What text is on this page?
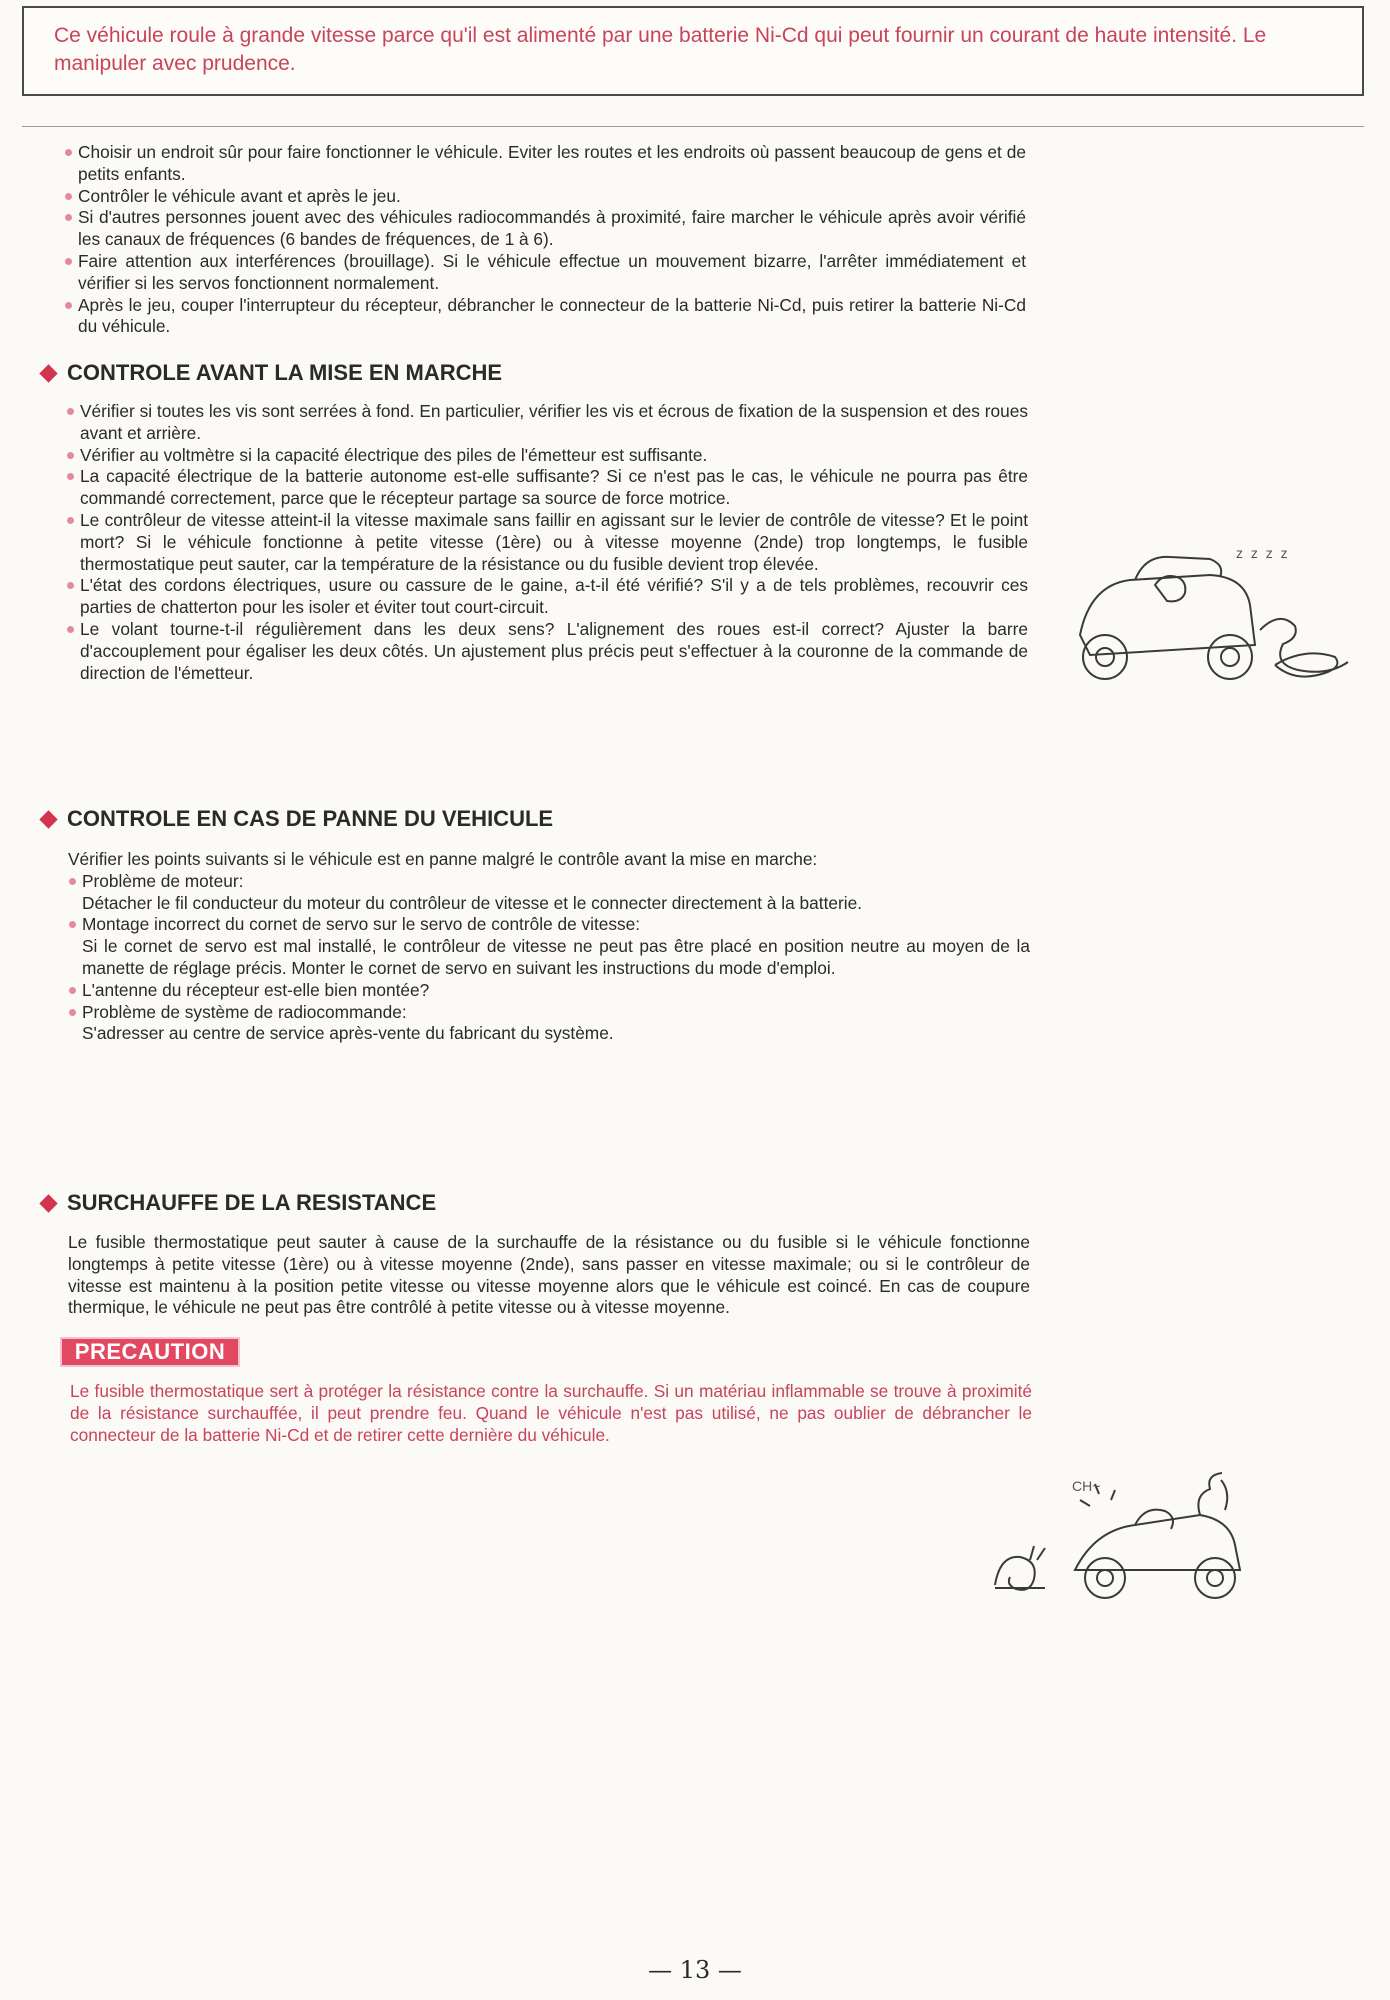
Ce véhicule roule à grande vitesse parce qu'il est alimenté par une batterie Ni-Cd qui peut fournir un courant de haute intensité. Le manipuler avec prudence.
Choisir un endroit sûr pour faire fonctionner le véhicule. Eviter les routes et les endroits où passent beaucoup de gens et de petits enfants.
Contrôler le véhicule avant et après le jeu.
Si d'autres personnes jouent avec des véhicules radiocommandés à proximité, faire marcher le véhicule après avoir vérifié les canaux de fréquences (6 bandes de fréquences, de 1 à 6).
Faire attention aux interférences (brouillage). Si le véhicule effectue un mouvement bizarre, l'arrêter immédiatement et vérifier si les servos fonctionnent normalement.
Après le jeu, couper l'interrupteur du récepteur, débrancher le connecteur de la batterie Ni-Cd, puis retirer la batterie Ni-Cd du véhicule.
CONTROLE AVANT LA MISE EN MARCHE
Vérifier si toutes les vis sont serrées à fond. En particulier, vérifier les vis et écrous de fixation de la suspension et des roues avant et arrière.
Vérifier au voltmètre si la capacité électrique des piles de l'émetteur est suffisante.
La capacité électrique de la batterie autonome est-elle suffisante? Si ce n'est pas le cas, le véhicule ne pourra pas être commandé correctement, parce que le récepteur partage sa source de force motrice.
Le contrôleur de vitesse atteint-il la vitesse maximale sans faillir en agissant sur le levier de contrôle de vitesse? Et le point mort? Si le véhicule fonctionne à petite vitesse (1ère) ou à vitesse moyenne (2nde) trop longtemps, le fusible thermostatique peut sauter, car la température de la résistance ou du fusible devient trop élevée.
L'état des cordons électriques, usure ou cassure de le gaine, a-t-il été vérifié? S'il y a de tels problèmes, recouvrir ces parties de chatterton pour les isoler et éviter tout court-circuit.
Le volant tourne-t-il régulièrement dans les deux sens? L'alignement des roues est-il correct? Ajuster la barre d'accouplement pour égaliser les deux côtés. Un ajustement plus précis peut s'effectuer à la couronne de la commande de direction de l'émetteur.
z z z z
CONTROLE EN CAS DE PANNE DU VEHICULE
Vérifier les points suivants si le véhicule est en panne malgré le contrôle avant la mise en marche:
Problème de moteur:
Détacher le fil conducteur du moteur du contrôleur de vitesse et le connecter directement à la batterie.
Montage incorrect du cornet de servo sur le servo de contrôle de vitesse:
Si le cornet de servo est mal installé, le contrôleur de vitesse ne peut pas être placé en position neutre au moyen de la manette de réglage précis. Monter le cornet de servo en suivant les instructions du mode d'emploi.
L'antenne du récepteur est-elle bien montée?
Problème de système de radiocommande:
S'adresser au centre de service après-vente du fabricant du système.
SURCHAUFFE DE LA RESISTANCE
Le fusible thermostatique peut sauter à cause de la surchauffe de la résistance ou du fusible si le véhicule fonctionne longtemps à petite vitesse (1ère) ou à vitesse moyenne (2nde), sans passer en vitesse maximale; ou si le contrôleur de vitesse est maintenu à la position petite vitesse ou vitesse moyenne alors que le véhicule est coincé. En cas de coupure thermique, le véhicule ne peut pas être contrôlé à petite vitesse ou à vitesse moyenne.
PRECAUTION
Le fusible thermostatique sert à protéger la résistance contre la surchauffe. Si un matériau inflammable se trouve à proximité de la résistance surchauffée, il peut prendre feu. Quand le véhicule n'est pas utilisé, ne pas oublier de débrancher le connecteur de la batterie Ni-Cd et de retirer cette dernière du véhicule.
CH~
— 13 —
